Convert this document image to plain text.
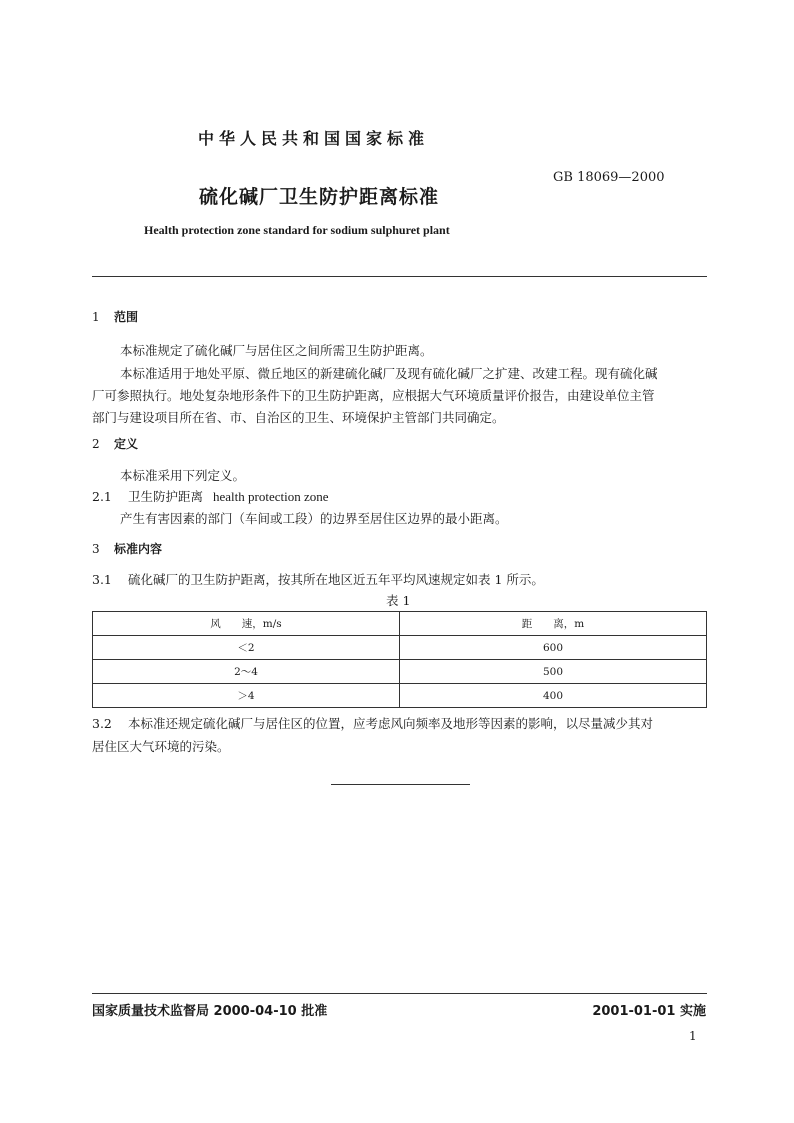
中华人民共和国国家标准
GB 18069—2000
硫化碱厂卫生防护距离标准
Health protection zone standard for sodium sulphuret plant
1 范围
本标准规定了硫化碱厂与居住区之间所需卫生防护距离。
本标准适用于地处平原、微丘地区的新建硫化碱厂及现有硫化碱厂之扩建、改建工程。现有硫化碱
厂可参照执行。地处复杂地形条件下的卫生防护距离，应根据大气环境质量评价报告，由建设单位主管
部门与建设项目所在省、市、自治区的卫生、环境保护主管部门共同确定。
2 定义
本标准采用下列定义。
2.1 卫生防护距离 health protection zone
产生有害因素的部门（车间或工段）的边界至居住区边界的最小距离。
3 标准内容
3.1 硫化碱厂的卫生防护距离，按其所在地区近五年平均风速规定如表 1 所示。
表 1
风　　速，m/s	距　　离，m
＜2	600
2～4	500
＞4	400
3.2 本标准还规定硫化碱厂与居住区的位置，应考虑风向频率及地形等因素的影响，以尽量减少其对
居住区大气环境的污染。
国家质量技术监督局 2000-04-10 批准	2001-01-01 实施
1
